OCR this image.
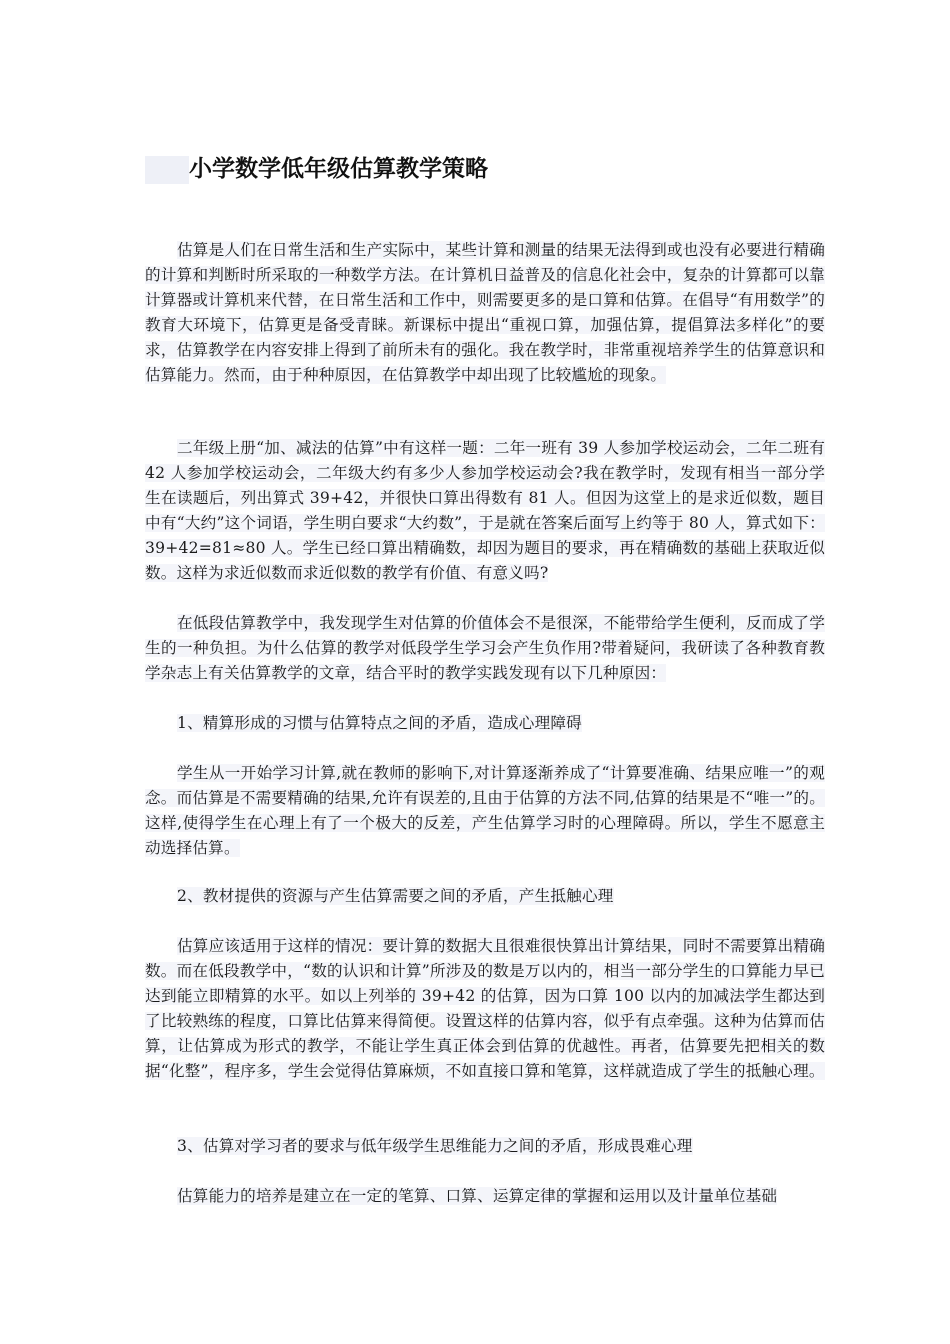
小学数学低年级估算教学策略

估算是人们在日常生活和生产实际中，某些计算和测量的结果无法得到或也没有必要进行精确的计算和判断时所采取的一种数学方法。在计算机日益普及的信息化社会中，复杂的计算都可以靠计算器或计算机来代替，在日常生活和工作中，则需要更多的是口算和估算。在倡导“有用数学”的教育大环境下，估算更是备受青睐。新课标中提出“重视口算，加强估算，提倡算法多样化”的要求，估算教学在内容安排上得到了前所未有的强化。我在教学时，非常重视培养学生的估算意识和估算能力。然而，由于种种原因，在估算教学中却出现了比较尴尬的现象。

二年级上册“加、减法的估算”中有这样一题：二年一班有 39 人参加学校运动会，二年二班有 42 人参加学校运动会，二年级大约有多少人参加学校运动会?我在教学时，发现有相当一部分学生在读题后，列出算式 39+42，并很快口算出得数有 81 人。但因为这堂上的是求近似数，题目中有“大约”这个词语，学生明白要求“大约数”，于是就在答案后面写上约等于 80 人，算式如下：39+42=81≈80 人。学生已经口算出精确数，却因为题目的要求，再在精确数的基础上获取近似数。这样为求近似数而求近似数的教学有价值、有意义吗?

在低段估算教学中，我发现学生对估算的价值体会不是很深，不能带给学生便利，反而成了学生的一种负担。为什么估算的教学对低段学生学习会产生负作用?带着疑问，我研读了各种教育教学杂志上有关估算教学的文章，结合平时的教学实践发现有以下几种原因：

1、精算形成的习惯与估算特点之间的矛盾，造成心理障碍

学生从一开始学习计算,就在教师的影响下,对计算逐渐养成了“计算要准确、结果应唯一”的观念。而估算是不需要精确的结果,允许有误差的,且由于估算的方法不同,估算的结果是不“唯一”的。这样,使得学生在心理上有了一个极大的反差，产生估算学习时的心理障碍。所以，学生不愿意主动选择估算。

2、教材提供的资源与产生估算需要之间的矛盾，产生抵触心理

估算应该适用于这样的情况：要计算的数据大且很难很快算出计算结果，同时不需要算出精确数。而在低段教学中，“数的认识和计算”所涉及的数是万以内的，相当一部分学生的口算能力早已达到能立即精算的水平。如以上列举的 39+42 的估算，因为口算 100 以内的加减法学生都达到了比较熟练的程度，口算比估算来得简便。设置这样的估算内容，似乎有点牵强。这种为估算而估算，让估算成为形式的教学，不能让学生真正体会到估算的优越性。再者，估算要先把相关的数据“化整”，程序多，学生会觉得估算麻烦，不如直接口算和笔算，这样就造成了学生的抵触心理。

3、估算对学习者的要求与低年级学生思维能力之间的矛盾，形成畏难心理

估算能力的培养是建立在一定的笔算、口算、运算定律的掌握和运用以及计量单位基础
